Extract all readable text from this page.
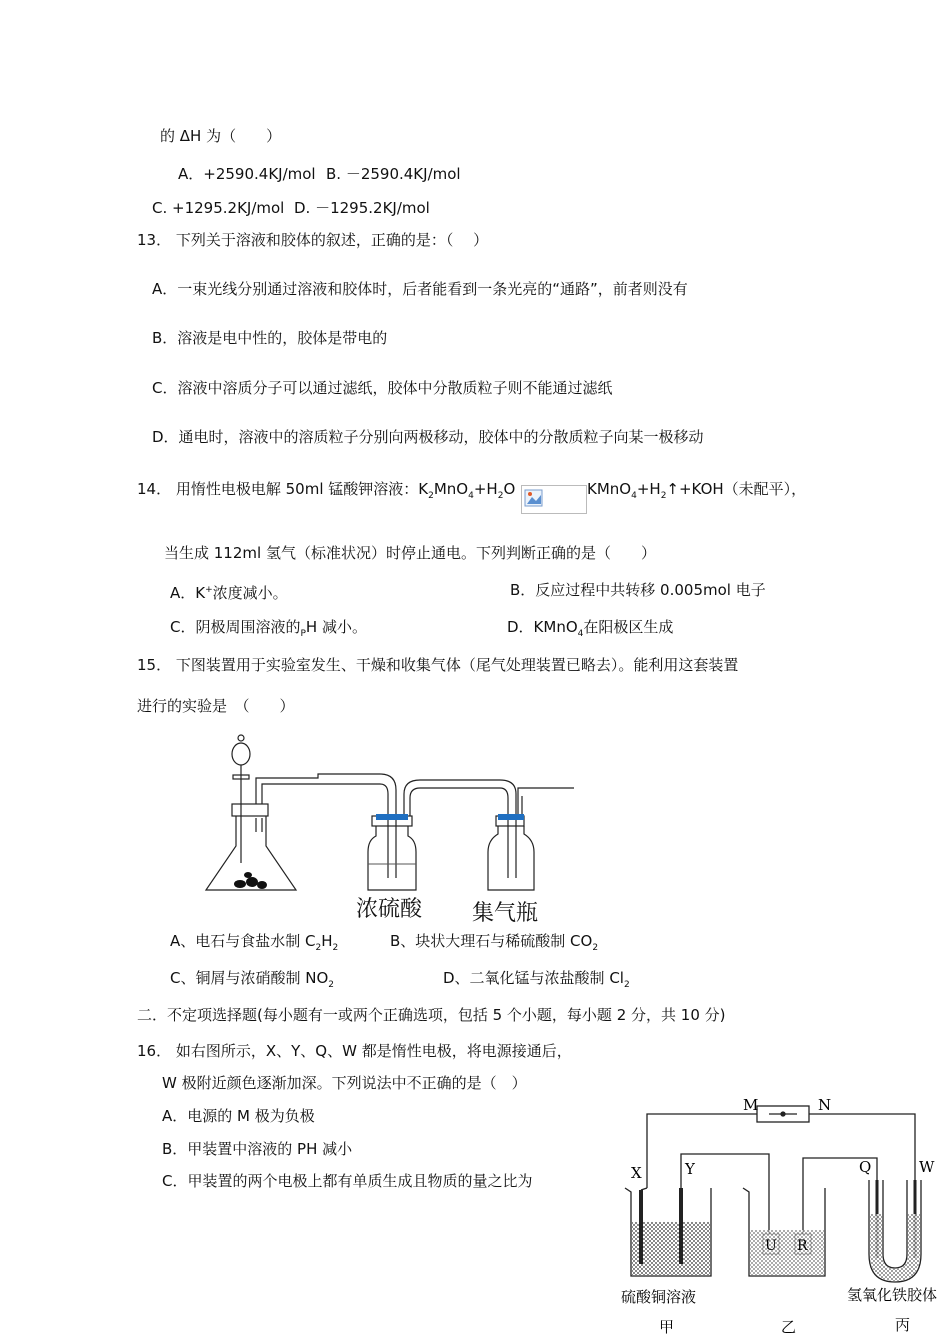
的 ΔH 为（　　）
A．+2590.4KJ/mol B. －2590.4KJ/mol
C. +1295.2KJ/mol D. －1295.2KJ/mol
13． 下列关于溶液和胶体的叙述，正确的是：（　 ）
A．一束光线分别通过溶液和胶体时，后者能看到一条光亮的“通路”，前者则没有
B．溶液是电中性的，胶体是带电的
C．溶液中溶质分子可以通过滤纸，胶体中分散质粒子则不能通过滤纸
D．通电时，溶液中的溶质粒子分别向两极移动，胶体中的分散质粒子向某一极移动
14． 用惰性电极电解 50ml 锰酸钾溶液：$K_2MnO_4+H_2O$	$KMnO_4+H_2↑+KOH$（未配平），
当生成 112ml 氢气（标准状况）时停止通电。下列判断正确的是（　　）
A．K+浓度减小。	B．反应过程中共转移 0.005mol 电子
C．阴极周围溶液的$_P$H 减小。	D．KMnO$_4$在阳极区生成
15． 下图装置用于实验室发生、干燥和收集气体（尾气处理装置已略去）。能利用这套装置
进行的实验是　（　　）
浓硫酸 集气瓶
A、电石与食盐水制 $C_2H_2$	B、块状大理石与稀硫酸制 $CO_2$
C、铜屑与浓硝酸制 $NO_2$	D、二氧化锰与浓盐酸制 $Cl_2$
二．不定项选择题(每小题有一或两个正确选项，包括 5 个小题，每小题 2 分，共 10 分)
16． 如右图所示，X、Y、Q、W 都是惰性电极，将电源接通后，
W 极附近颜色逐渐加深。下列说法中不正确的是（　）
A．电源的 M 极为负极
B．甲装置中溶液的 PH 减小
C．甲装置的两个电极上都有单质生成且物质的量之比为
M	N
X	Y	Q	W
U R
硫酸铜溶液	氢氧化铁胶体
甲	乙	丙
